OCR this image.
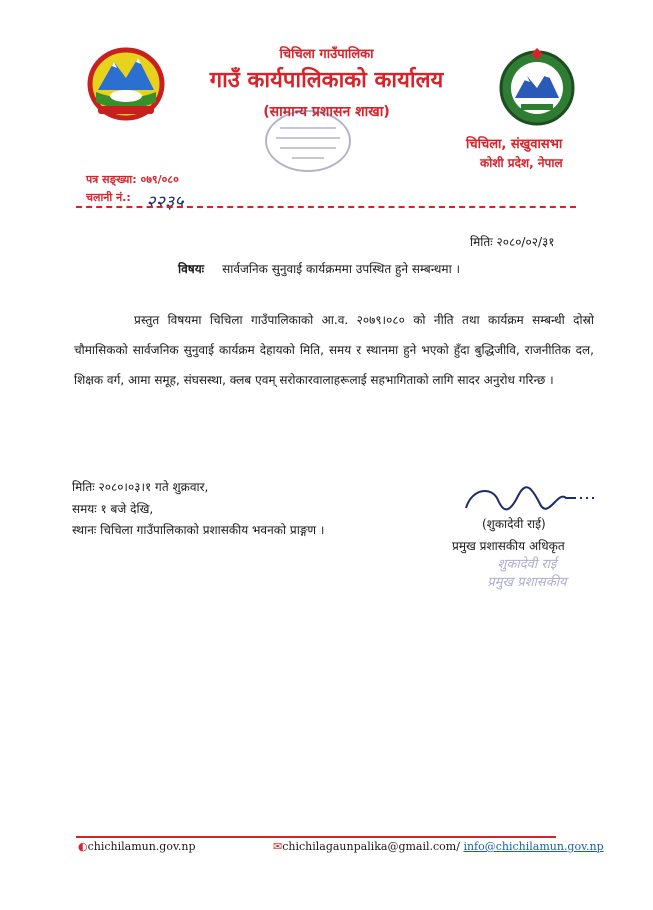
चिचिला गाउँपालिका
गाउँ कार्यपालिकाको कार्यालय
(सामान्य प्रशासन शाखा)
चिचिला, संखुवासभा
कोशी प्रदेश, नेपाल
पत्र सङ्ख्या: ०७९/०८०
चलानी नं.: २२३५
मितिः २०८०/०२/३१
विषयः सार्वजनिक सुनुवाई कार्यक्रममा उपस्थित हुने सम्बन्धमा ।
प्रस्तुत विषयमा चिचिला गाउँपालिकाको आ.व. २०७९।०८० को नीति तथा कार्यक्रम सम्बन्धी दोस्रो चौमासिकको सार्वजनिक सुनुवाई कार्यक्रम देहायको मिति, समय र स्थानमा हुने भएको हुँदा बुद्धिजीवि, राजनीतिक दल, शिक्षक वर्ग, आमा समूह, संघसस्था, क्लब एवम् सरोकारवालाहरूलाई सहभागिताको लागि सादर अनुरोध गरिन्छ ।
मितिः २०८०।०३।१ गते शुक्रवार,
समयः १ बजे देखि,
स्थानः चिचिला गाउँपालिकाको प्रशासकीय भवनको प्राङ्गण ।	(शुकादेवी राई)
प्रमुख प्रशासकीय अधिकृत
शुकादेवी राई
प्रमुख प्रशासकीय
◐chichilamun.gov.np	✉chichilagaunpalika@gmail.com/ info@chichilamun.gov.np
